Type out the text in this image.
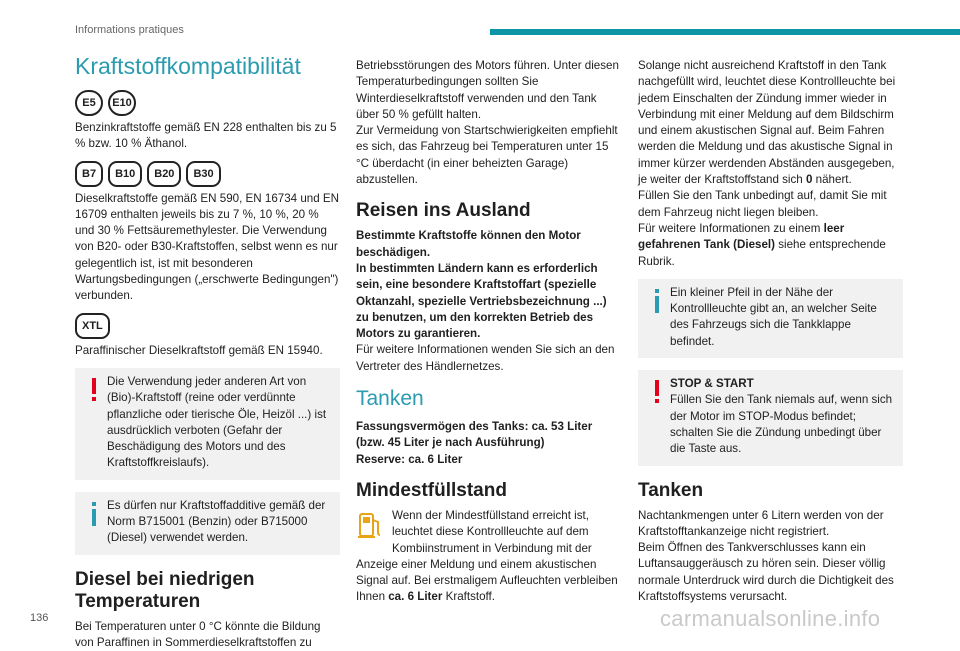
Informations pratiques
Kraftstoffkompatibilität
E5	E10

Benzinkraftstoffe gemäß EN 228 enthalten bis zu 5 % bzw. 10 % Äthanol.

B7	B10	B20	B30

Dieselkraftstoffe gemäß EN 590, EN 16734 und EN 16709 enthalten jeweils bis zu 7 %, 10 %, 20 % und 30 % Fettsäuremethylester. Die Verwendung von B20- oder B30-Kraftstoffen, selbst wenn es nur gelegentlich ist, ist mit besonderen Wartungsbedingungen („erschwerte Bedingungen") verbunden.

XTL

Paraffinischer Dieselkraftstoff gemäß EN 15940.

Die Verwendung jeder anderen Art von (Bio)-Kraftstoff (reine oder verdünnte pflanzliche oder tierische Öle, Heizöl ...) ist ausdrücklich verboten (Gefahr der Beschädigung des Motors und des Kraftstoffkreislaufs).

Es dürfen nur Kraftstoffadditive gemäß der Norm B715001 (Benzin) oder B715000 (Diesel) verwendet werden.

Diesel bei niedrigen Temperaturen

Bei Temperaturen unter 0 °C könnte die Bildung von Paraffinen in Sommerdieselkraftstoffen zu

Betriebsstörungen des Motors führen. Unter diesen Temperaturbedingungen sollten Sie Winterdieselkraftstoff verwenden und den Tank über 50 % gefüllt halten.

Zur Vermeidung von Startschwierigkeiten empfiehlt es sich, das Fahrzeug bei Temperaturen unter 15 °C überdacht (in einer beheizten Garage) abzustellen.

Reisen ins Ausland

Bestimmte Kraftstoffe können den Motor beschädigen.
In bestimmten Ländern kann es erforderlich sein, eine besondere Kraftstoffart (spezielle Oktanzahl, spezielle Vertriebsbezeichnung ...) zu benutzen, um den korrekten Betrieb des Motors zu garantieren.

Für weitere Informationen wenden Sie sich an den Vertreter des Händlernetzes.

Tanken

Fassungsvermögen des Tanks: ca. 53 Liter (bzw. 45 Liter je nach Ausführung)
Reserve: ca. 6 Liter

Mindestfüllstand

Wenn der Mindestfüllstand erreicht ist, leuchtet diese Kontrollleuchte auf dem Kombiinstrument in Verbindung mit der Anzeige einer Meldung und einem akustischen Signal auf. Bei erstmaligem Aufleuchten verbleiben Ihnen ca. 6 Liter Kraftstoff.

Solange nicht ausreichend Kraftstoff in den Tank nachgefüllt wird, leuchtet diese Kontrollleuchte bei jedem Einschalten der Zündung immer wieder in Verbindung mit einer Meldung auf dem Bildschirm und einem akustischen Signal auf. Beim Fahren werden die Meldung und das akustische Signal in immer kürzer werdenden Abständen ausgegeben, je weiter der Kraftstoffstand sich 0 nähert.

Füllen Sie den Tank unbedingt auf, damit Sie mit dem Fahrzeug nicht liegen bleiben.

Für weitere Informationen zu einem leer gefahrenen Tank (Diesel) siehe entsprechende Rubrik.

Ein kleiner Pfeil in der Nähe der Kontrollleuchte gibt an, an welcher Seite des Fahrzeugs sich die Tankklappe befindet.

STOP & START

Füllen Sie den Tank niemals auf, wenn sich der Motor im STOP-Modus befindet; schalten Sie die Zündung unbedingt über die Taste aus.

Tanken

Nachtankmengen unter 6 Litern werden von der Kraftstofftankanzeige nicht registriert.
Beim Öffnen des Tankverschlusses kann ein Luftansauggeräusch zu hören sein. Dieser völlig normale Unterdruck wird durch die Dichtigkeit des Kraftstoffsystems verursacht.

136	carmanualsonline.info
